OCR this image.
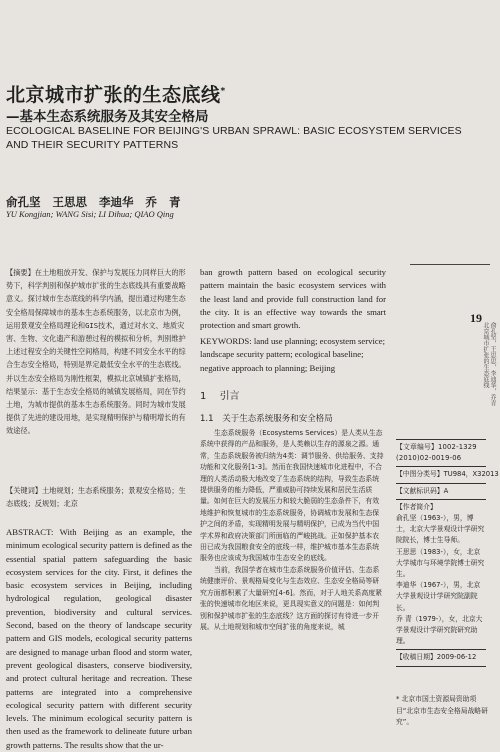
北京城市扩张的生态底线*
—基本生态系统服务及其安全格局
ECOLOGICAL BASELINE FOR BEIJING'S URBAN SPRAWL: BASIC ECOSYSTEM SERVICES AND THEIR SECURITY PATTERNS
俞孔坚 王思思 李迪华 乔 青
YU Kongjian; WANG Sisi; LI Dihua; QIAO Qing
【摘要】在土地粗放开发、保护与发展压力同样巨大的形势下，科学判别和保护城市扩张的生态底线具有重要战略意义。探讨城市生态底线的科学内涵，提出通过构建生态安全格局保障城市的基本生态系统服务，以北京市为例，运用景观安全格局理论和GIS技术，通过对水文、地质灾害、生物、文化遗产和游憩过程的模拟和分析，判别维护上述过程安全的关键性空间格局，构建不同安全水平的综合生态安全格局，特别是界定最低安全水平的生态底线。并以生态安全格局为刚性框架，模拟北京城镇扩张格局，结果显示：基于生态安全格局的城镇发展格局，同在节约土地，为城市提供的基本生态系统服务。同时为城市发展提供了先进的建设用地，是实现精明保护与精明增长的有效途径。
【关键词】土地规划；生态系统服务；景观安全格局；生态底线；反规划；北京
ABSTRACT: With Beijing as an example, the minimum ecological security pattern is defined as the essential spatial pattern safeguarding the basic ecosystem services for the city. First, it defines the basic ecosystem services in Beijing, including hydrological regulation, geological disaster prevention, biodiversity and cultural services. Second, based on the theory of landscape security pattern and GIS models, ecological security patterns are designed to manage urban flood and storm water, prevent geological disasters, conserve biodiversity, and protect cultural heritage and recreation. These patterns are integrated into a comprehensive ecological security pattern with different security levels. The minimum ecological security pattern is then used as the framework to delineate future urban growth patterns. The results show that the ur-
ban growth pattern based on ecological security pattern maintain the basic ecosystem services with the least land and provide full construction land for the city. It is an effective way towards the smart protection and smart growth.
KEYWORDS: land use planning; ecosystem service; landscape security pattern; ecological baseline; negative approach to planning; Beijing
1 引言
1.1 关于生态系统服务和安全格局

生态系统服务（Ecosystems Services）是人类从生态系统中获得的产品和服务，是人类赖以生存的源泉之源。通常，生态系统服务被归纳为4类：调节服务、供给服务、支持功能和文化服务[1-3]。然而在我国快速城市化进程中，不合理的人类活动极大地改变了生态系统的结构，导致生态系统提供服务的能力降低，严重威胁可持续发展和居民生活质量。如何在巨大的发展压力和较大脆弱的生态条件下，有效地维护和恢复城市的生态系统服务，协调城市发展和生态保护之间的矛盾，实现精明发展与精明保护，已成为当代中国学术界和政府决策部门所面临的严峻挑战。正如保护基本农田已成为我国粮食安全的底线一样，维护城市基本生态系统服务也应该成为我国城市生态安全的底线。

当前，我国学者在城市生态系统服务价值评估、生态系统健康评价、景观格局变化与生态效应、生态安全格局等研究方面都积累了大量研究[4-6]。然而，对于人地关系高度紧张的快速城市化地区来说，更具现实意义的问题是：如何判别和保护城市扩张的生态底线？这方面的探讨有待进一步开展。从土地规划和城市空间扩张的角度来说，城

19
俞孔坚，王思思，李迪华，乔青 北京城市扩张的生态底线
【文章编号】1002-1329 (2010)02-0019-06
【中图分类号】TU984，X32013
【文献标识码】A
【作者简介】
俞孔坚（1963-），男，博士，北京大学景观设计学研究院院长，博士生导师。
王思思（1983-），女，北京大学城市与环境学院博士研究生。
李迪华（1967-），男，北京大学景观设计学研究院副院长。
乔 青（1979-），女，北京大学景观设计学研究院研究助理。
【收稿日期】2009-06-12
* 北京市国土资源局资助项目“北京市生态安全格局战略研究”。
